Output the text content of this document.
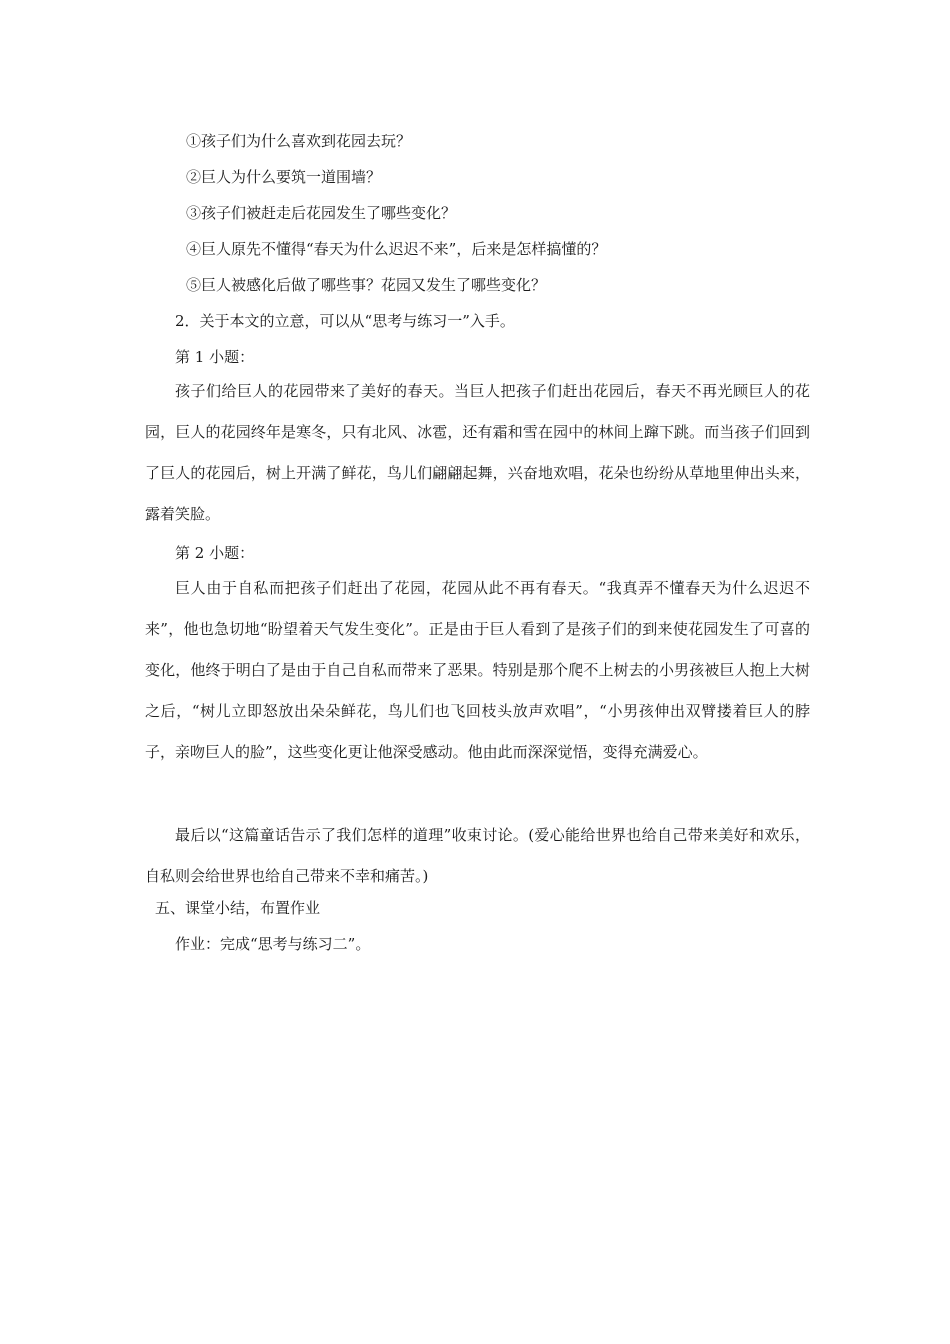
①孩子们为什么喜欢到花园去玩？
②巨人为什么要筑一道围墙？
③孩子们被赶走后花园发生了哪些变化？
④巨人原先不懂得“春天为什么迟迟不来”，后来是怎样搞懂的？
⑤巨人被感化后做了哪些事？花园又发生了哪些变化？
2．关于本文的立意，可以从“思考与练习一”入手。
第 1 小题：
孩子们给巨人的花园带来了美好的春天。当巨人把孩子们赶出花园后，春天不再光顾巨人的花园，巨人的花园终年是寒冬，只有北风、冰雹，还有霜和雪在园中的林间上蹿下跳。而当孩子们回到了巨人的花园后，树上开满了鲜花，鸟儿们翩翩起舞，兴奋地欢唱，花朵也纷纷从草地里伸出头来，露着笑脸。
第 2 小题：
巨人由于自私而把孩子们赶出了花园，花园从此不再有春天。“我真弄不懂春天为什么迟迟不来”，他也急切地“盼望着天气发生变化”。正是由于巨人看到了是孩子们的到来使花园发生了可喜的变化，他终于明白了是由于自己自私而带来了恶果。特别是那个爬不上树去的小男孩被巨人抱上大树之后，“树儿立即怒放出朵朵鲜花，鸟儿们也飞回枝头放声欢唱”，“小男孩伸出双臂搂着巨人的脖子，亲吻巨人的脸”，这些变化更让他深受感动。他由此而深深觉悟，变得充满爱心。
最后以“这篇童话告示了我们怎样的道理”收束讨论。(爱心能给世界也给自己带来美好和欢乐，自私则会给世界也给自己带来不幸和痛苦。)
五、课堂小结，布置作业
作业：完成“思考与练习二”。
